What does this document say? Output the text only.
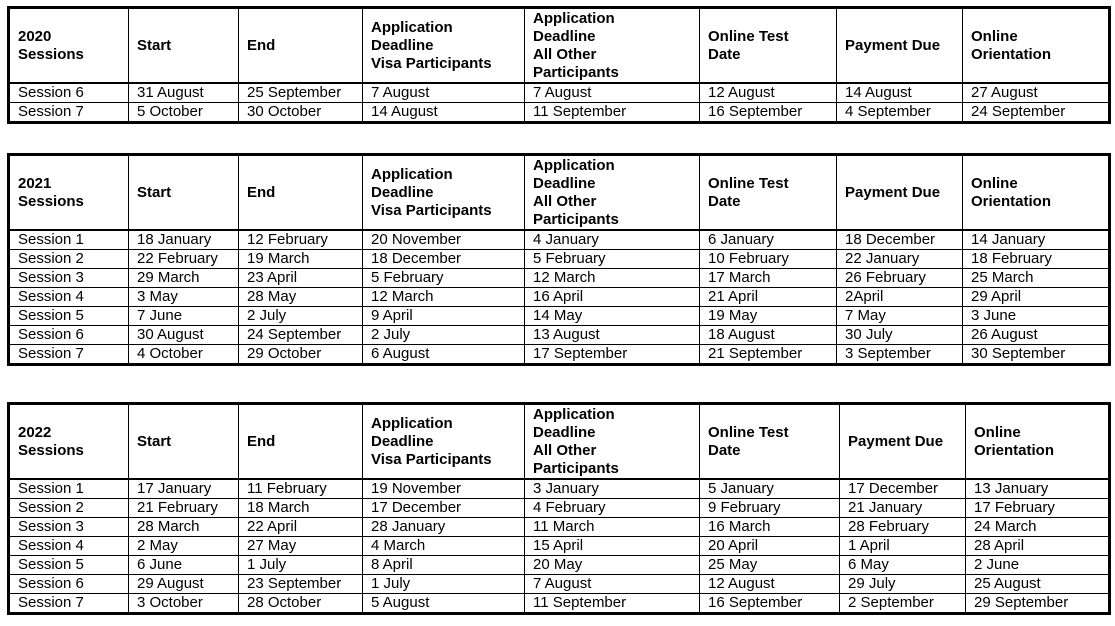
2020
Sessions	Start	End	Application
Deadline
Visa Participants	Application
Deadline
All Other
Participants	Online Test
Date	Payment Due	Online
Orientation

Session 6	31 August	25 September	7 August	7 August	12 August	14 August	27 August
Session 7	5 October	30 October	14 August	11 September	16 September	4 September	24 September
2021
Sessions	Start	End	Application
Deadline
Visa Participants	Application
Deadline
All Other
Participants	Online Test
Date	Payment Due	Online
Orientation

Session 1	18 January	12 February	20 November	4 January	6 January	18 December	14 January
Session 2	22 February	19 March	18 December	5 February	10 February	22 January	18 February
Session 3	29 March	23 April	5 February	12 March	17 March	26 February	25 March
Session 4	3 May	28 May	12 March	16 April	21 April	2April	29 April
Session 5	7 June	2 July	9 April	14 May	19 May	7 May	3 June
Session 6	30 August	24 September	2 July	13 August	18 August	30 July	26 August
Session 7	4 October	29 October	6 August	17 September	21 September	3 September	30 September
2022
Sessions	Start	End	Application
Deadline
Visa Participants	Application
Deadline
All Other
Participants	Online Test
Date	Payment Due	Online
Orientation

Session 1	17 January	11 February	19 November	3 January	5 January	17 December	13 January
Session 2	21 February	18 March	17 December	4 February	9 February	21 January	17 February
Session 3	28 March	22 April	28 January	11 March	16 March	28 February	24 March
Session 4	2 May	27 May	4 March	15 April	20 April	1 April	28 April
Session 5	6 June	1 July	8 April	20 May	25 May	6 May	2 June
Session 6	29 August	23 September	1 July	7 August	12 August	29 July	25 August
Session 7	3 October	28 October	5 August	11 September	16 September	2 September	29 September
